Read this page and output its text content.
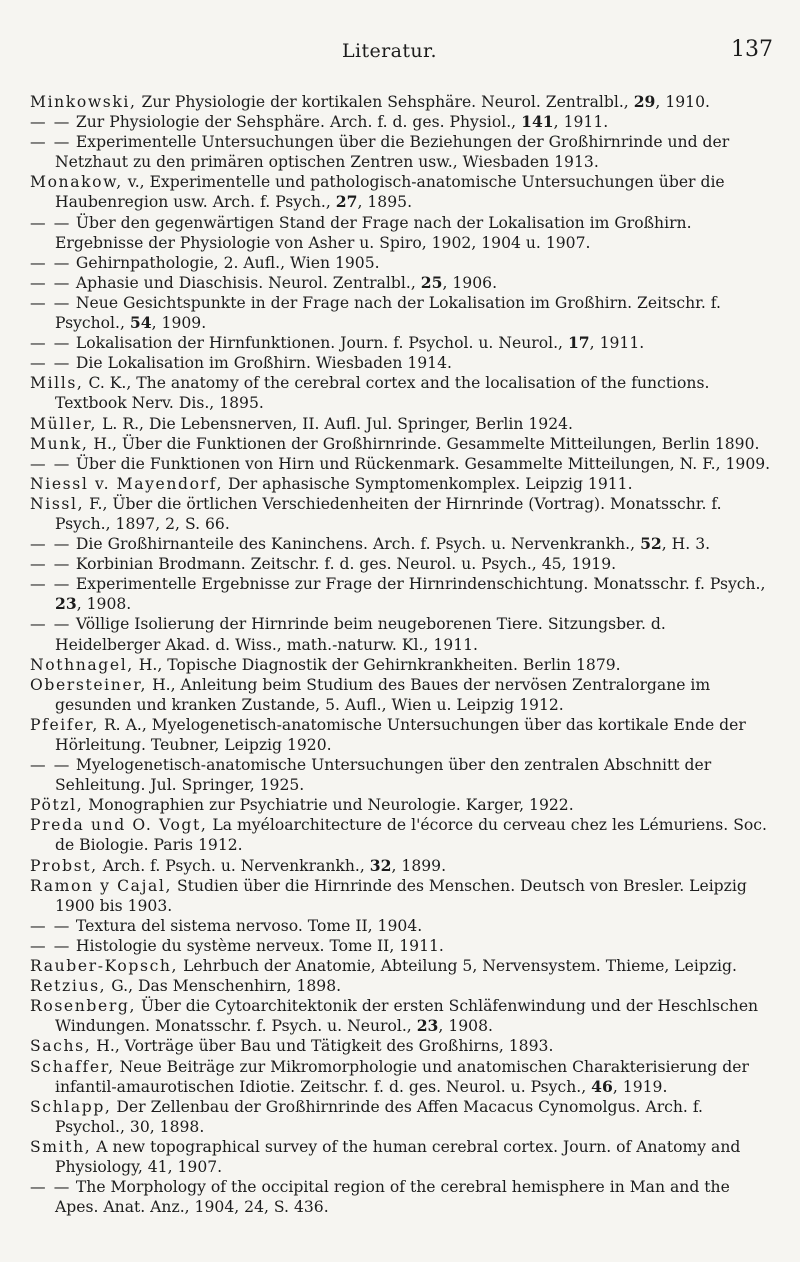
Literatur.	137

Minkowski, Zur Physiologie der kortikalen Sehsphäre. Neurol. Zentralbl., 29, 1910.

— — Zur Physiologie der Sehsphäre. Arch. f. d. ges. Physiol., 141, 1911.

— — Experimentelle Untersuchungen über die Beziehungen der Großhirnrinde und der Netzhaut zu den primären optischen Zentren usw., Wiesbaden 1913.

Monakow, v., Experimentelle und pathologisch-anatomische Untersuchungen über die Haubenregion usw. Arch. f. Psych., 27, 1895.

— — Über den gegenwärtigen Stand der Frage nach der Lokalisation im Großhirn. Ergebnisse der Physiologie von Asher u. Spiro, 1902, 1904 u. 1907.

— — Gehirnpathologie, 2. Aufl., Wien 1905.

— — Aphasie und Diaschisis. Neurol. Zentralbl., 25, 1906.

— — Neue Gesichtspunkte in der Frage nach der Lokalisation im Großhirn. Zeitschr. f. Psychol., 54, 1909.

— — Lokalisation der Hirnfunktionen. Journ. f. Psychol. u. Neurol., 17, 1911.

— — Die Lokalisation im Großhirn. Wiesbaden 1914.

Mills, C. K., The anatomy of the cerebral cortex and the localisation of the functions. Textbook Nerv. Dis., 1895.

Müller, L. R., Die Lebensnerven, II. Aufl. Jul. Springer, Berlin 1924.

Munk, H., Über die Funktionen der Großhirnrinde. Gesammelte Mitteilungen, Berlin 1890.

— — Über die Funktionen von Hirn und Rückenmark. Gesammelte Mitteilungen, N. F., 1909.

Niessl v. Mayendorf, Der aphasische Symptomenkomplex. Leipzig 1911.

Nissl, F., Über die örtlichen Verschiedenheiten der Hirnrinde (Vortrag). Monatsschr. f. Psych., 1897, 2, S. 66.

— — Die Großhirnanteile des Kaninchens. Arch. f. Psych. u. Nervenkrankh., 52, H. 3.

— — Korbinian Brodmann. Zeitschr. f. d. ges. Neurol. u. Psych., 45, 1919.

— — Experimentelle Ergebnisse zur Frage der Hirnrindenschichtung. Monatsschr. f. Psych., 23, 1908.

— — Völlige Isolierung der Hirnrinde beim neugeborenen Tiere. Sitzungsber. d. Heidelberger Akad. d. Wiss., math.-naturw. Kl., 1911.

Nothnagel, H., Topische Diagnostik der Gehirnkrankheiten. Berlin 1879.

Obersteiner, H., Anleitung beim Studium des Baues der nervösen Zentralorgane im gesunden und kranken Zustande, 5. Aufl., Wien u. Leipzig 1912.

Pfeifer, R. A., Myelogenetisch-anatomische Untersuchungen über das kortikale Ende der Hörleitung. Teubner, Leipzig 1920.

— — Myelogenetisch-anatomische Untersuchungen über den zentralen Abschnitt der Sehleitung. Jul. Springer, 1925.

Pötzl, Monographien zur Psychiatrie und Neurologie. Karger, 1922.

Preda und O. Vogt, La myéloarchitecture de l'écorce du cerveau chez les Lémuriens. Soc. de Biologie. Paris 1912.

Probst, Arch. f. Psych. u. Nervenkrankh., 32, 1899.

Ramon y Cajal, Studien über die Hirnrinde des Menschen. Deutsch von Bresler. Leipzig 1900 bis 1903.

— — Textura del sistema nervoso. Tome II, 1904.

— — Histologie du système nerveux. Tome II, 1911.

Rauber-Kopsch, Lehrbuch der Anatomie, Abteilung 5, Nervensystem. Thieme, Leipzig.

Retzius, G., Das Menschenhirn, 1898.

Rosenberg, Über die Cytoarchitektonik der ersten Schläfenwindung und der Heschlschen Windungen. Monatsschr. f. Psych. u. Neurol., 23, 1908.

Sachs, H., Vorträge über Bau und Tätigkeit des Großhirns, 1893.

Schaffer, Neue Beiträge zur Mikromorphologie und anatomischen Charakterisierung der infantil-amaurotischen Idiotie. Zeitschr. f. d. ges. Neurol. u. Psych., 46, 1919.

Schlapp, Der Zellenbau der Großhirnrinde des Affen Macacus Cynomolgus. Arch. f. Psychol., 30, 1898.

Smith, A new topographical survey of the human cerebral cortex. Journ. of Anatomy and Physiology, 41, 1907.

— — The Morphology of the occipital region of the cerebral hemisphere in Man and the Apes. Anat. Anz., 1904, 24, S. 436.
